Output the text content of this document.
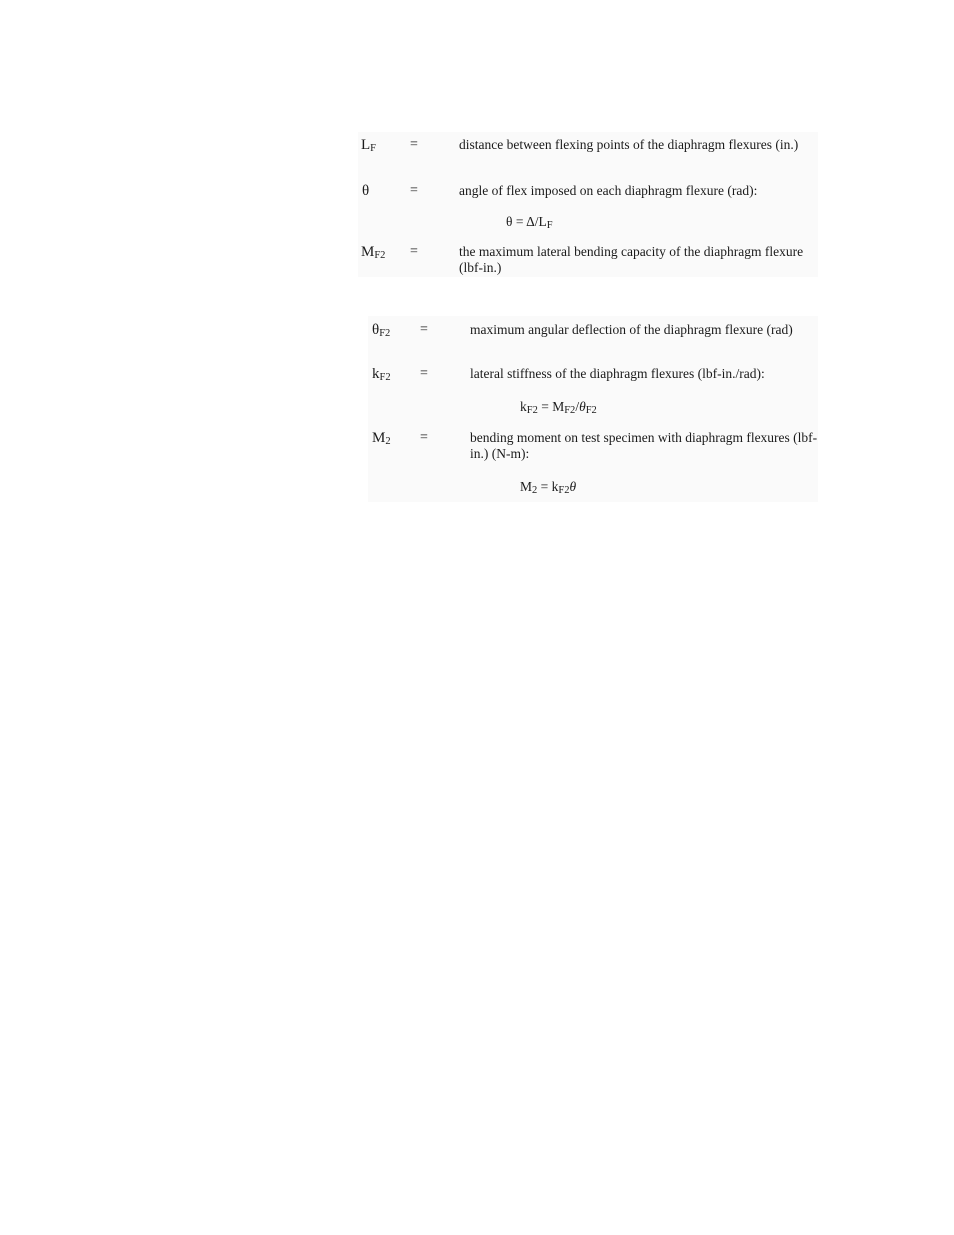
$L_F$ =	distance between flexing points of the diaphragm flexures (in.)
θ	=	angle of flex imposed on each diaphragm flexure (rad):
$\theta = \Delta/L_F$
$M_{F2}$ =	the maximum lateral bending capacity of the diaphragm flexure (lbf-in.)
$\theta_{F2}$ =	maximum angular deflection of the diaphragm flexure (rad)
$k_{F2}$ =	lateral stiffness of the diaphragm flexures (lbf-in./rad):
$k_{F2} = M_{F2}/\theta_{F2}$
$M_2$ =	bending moment on test specimen with diaphragm flexures (lbf-in.) (N-m):
$M_2 = k_{F2}\theta$
